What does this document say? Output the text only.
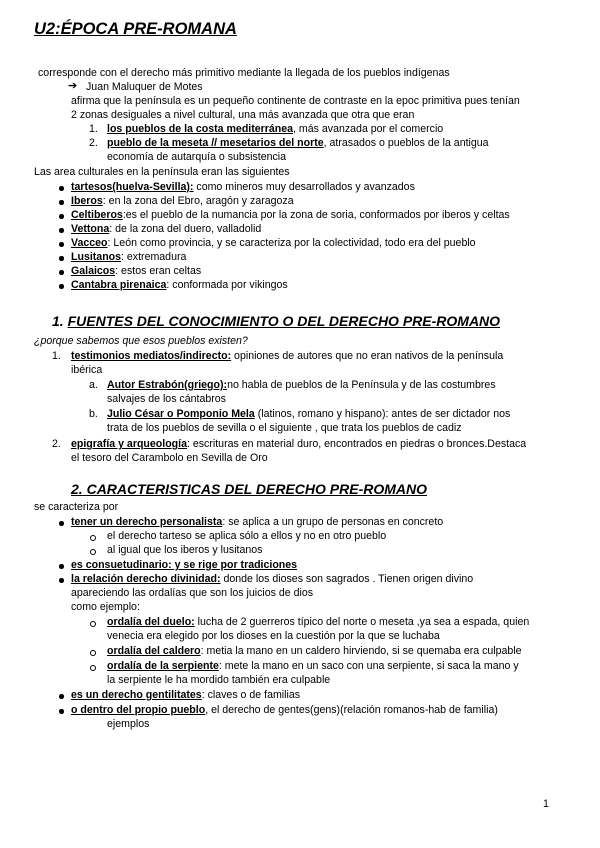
U2:ÉPOCA PRE-ROMANA
corresponde con el derecho más primitivo mediante la llegada de los pueblos indígenas
➔ Juan Maluquer de Motes
afirma que la península es un pequeño continente de contraste en la epoc primitiva pues tenían
2 zonas desiguales a nivel cultural, una más avanzada que otra que eran
1. los pueblos de la costa mediterránea, más avanzada por el comercio
2. pueblo de la meseta // mesetarios del norte, atrasados o pueblos de la antigua
economía de autarquía o subsistencia
Las area culturales en la península eran las siguientes
tartesos(huelva-Sevilla): como mineros muy desarrollados y avanzados
Iberos: en la zona del Ebro, aragón y zaragoza
Celtiberos:es el pueblo de la numancia por la zona de soria, conformados por iberos y celtas
Vettona: de la zona del duero, valladolid
Vacceo: León como provincia, y se caracteriza por la colectividad, todo era del pueblo
Lusitanos: extremadura
Galaicos: estos eran celtas
Cantabra pirenaica: conformada por vikingos
1. FUENTES DEL CONOCIMIENTO O DEL DERECHO PRE-ROMANO
¿porque sabemos que esos pueblos existen?
1. testimonios mediatos/indirecto: opiniones de autores que no eran nativos de la península
ibérica
a. Autor Estrabón(griego):no habla de pueblos de la Península y de las costumbres
salvajes de los cántabros
b. Julio César o Pomponio Mela (latinos, romano y hispano): antes de ser dictador nos
trata de los pueblos de sevilla o el siguiente , que trata los pueblos de cadiz
2. epigrafía y arqueología: escrituras en material duro, encontrados en piedras o bronces.Destaca
el tesoro del Carambolo en Sevilla de Oro
2. CARACTERISTICAS DEL DERECHO PRE-ROMANO
se caracteriza por
tener un derecho personalista: se aplica a un grupo de personas en concreto
el derecho tarteso se aplica sólo a ellos y no en otro pueblo
al igual que los iberos y lusitanos
es consuetudinario: y se rige por tradiciones
la relación derecho divinidad: donde los dioses son sagrados . Tienen origen divino
apareciendo las ordalías que son los juicios de dios
como ejemplo:
ordalía del duelo: lucha de 2 guerreros típico del norte o meseta ,ya sea a espada, quien
venecia era elegido por los dioses en la cuestión por la que se luchaba
ordalía del caldero: metia la mano en un caldero hirviendo, si se quemaba era culpable
ordalía de la serpiente: mete la mano en un saco con una serpiente, si saca la mano y
la serpiente le ha mordido también era culpable
es un derecho gentilitates: claves o de familias
o dentro del propio pueblo, el derecho de gentes(gens)(relación romanos-hab de familia)
ejemplos
1
